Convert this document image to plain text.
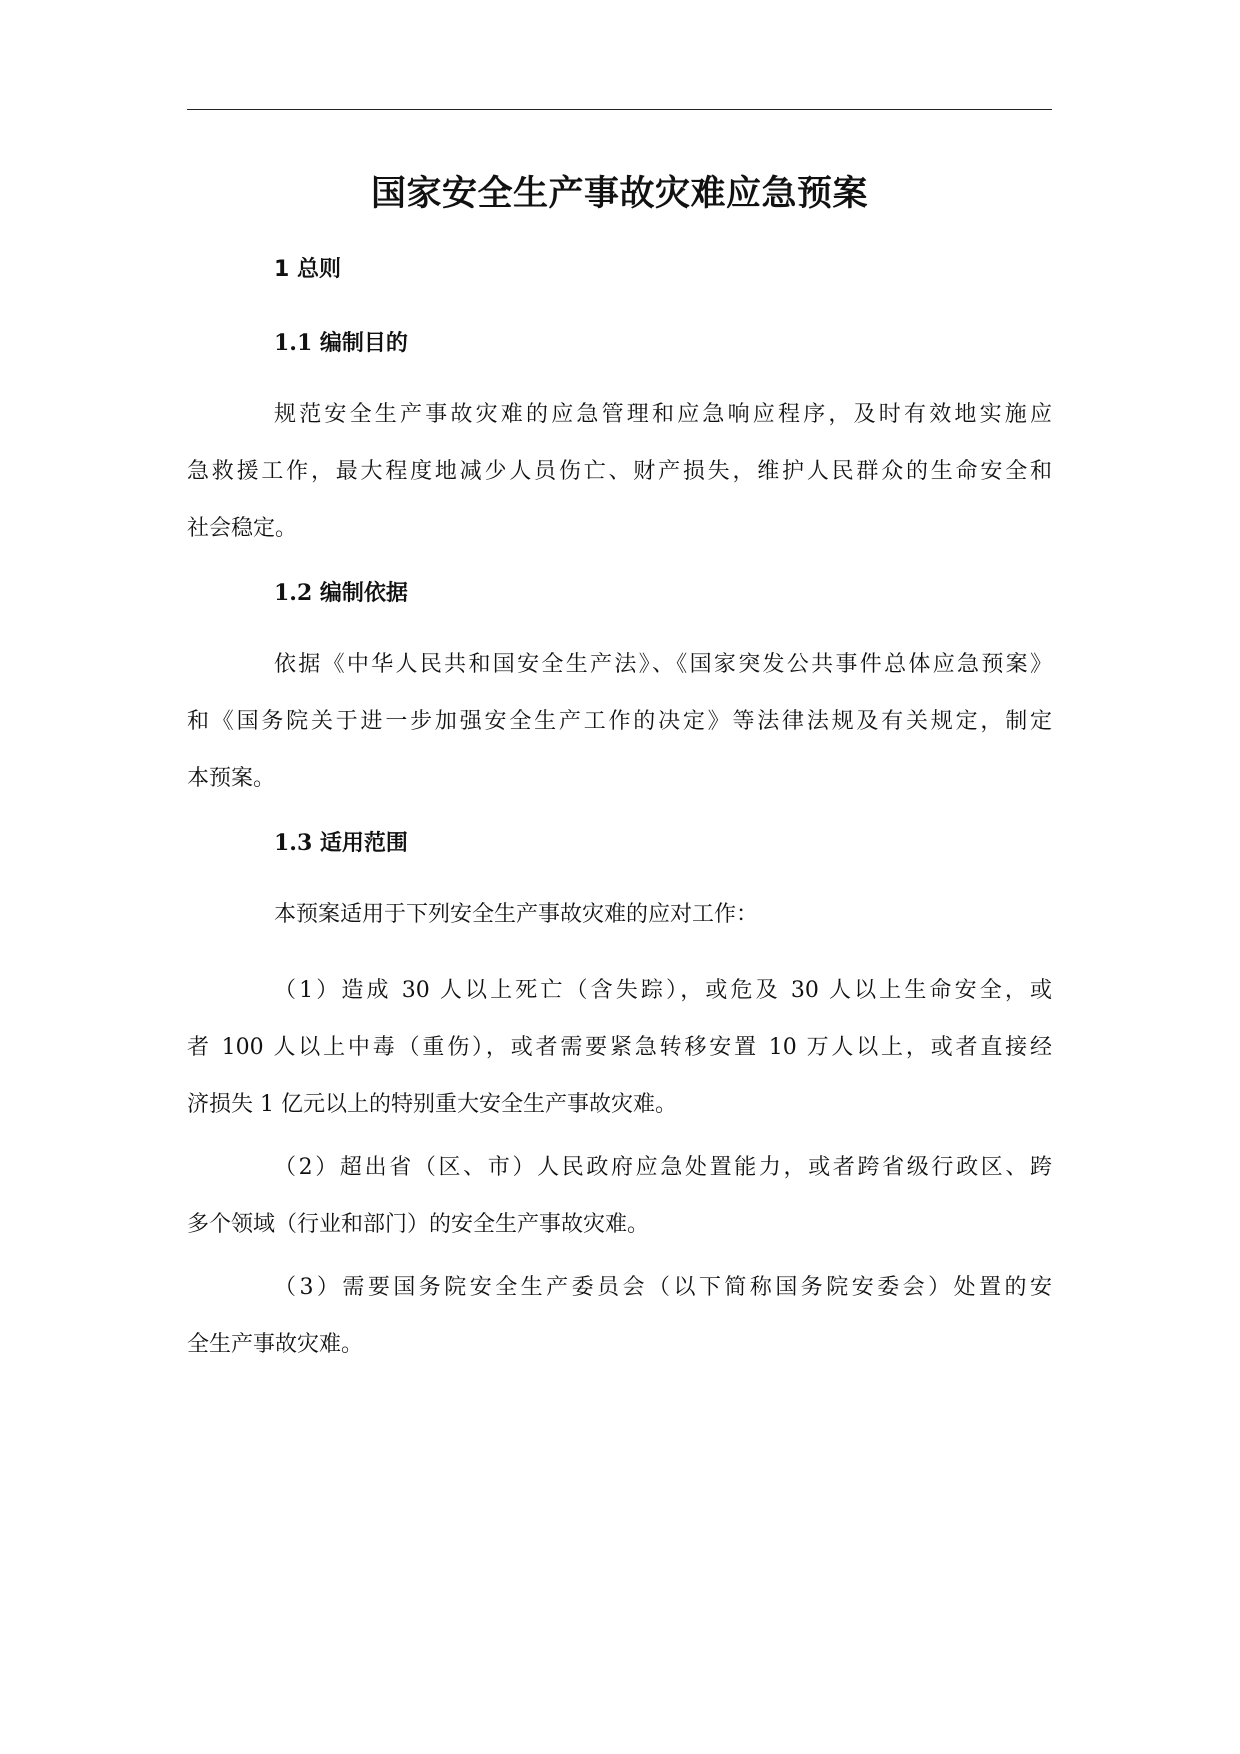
国家安全生产事故灾难应急预案
1 总则
1.1 编制目的
规范安全生产事故灾难的应急管理和应急响应程序，及时有效地实施应
急救援工作，最大程度地减少人员伤亡、财产损失，维护人民群众的生命安全和
社会稳定。
1.2 编制依据
依据《中华人民共和国安全生产法》、《国家突发公共事件总体应急预案》
和《国务院关于进一步加强安全生产工作的决定》等法律法规及有关规定，制定
本预案。
1.3 适用范围
本预案适用于下列安全生产事故灾难的应对工作：
（1）造成 30 人以上死亡（含失踪），或危及 30 人以上生命安全，或
者 100 人以上中毒（重伤），或者需要紧急转移安置 10 万人以上，或者直接经
济损失 1 亿元以上的特别重大安全生产事故灾难。
（2）超出省（区、市）人民政府应急处置能力，或者跨省级行政区、跨
多个领域（行业和部门）的安全生产事故灾难。
（3）需要国务院安全生产委员会（以下简称国务院安委会）处置的安
全生产事故灾难。
